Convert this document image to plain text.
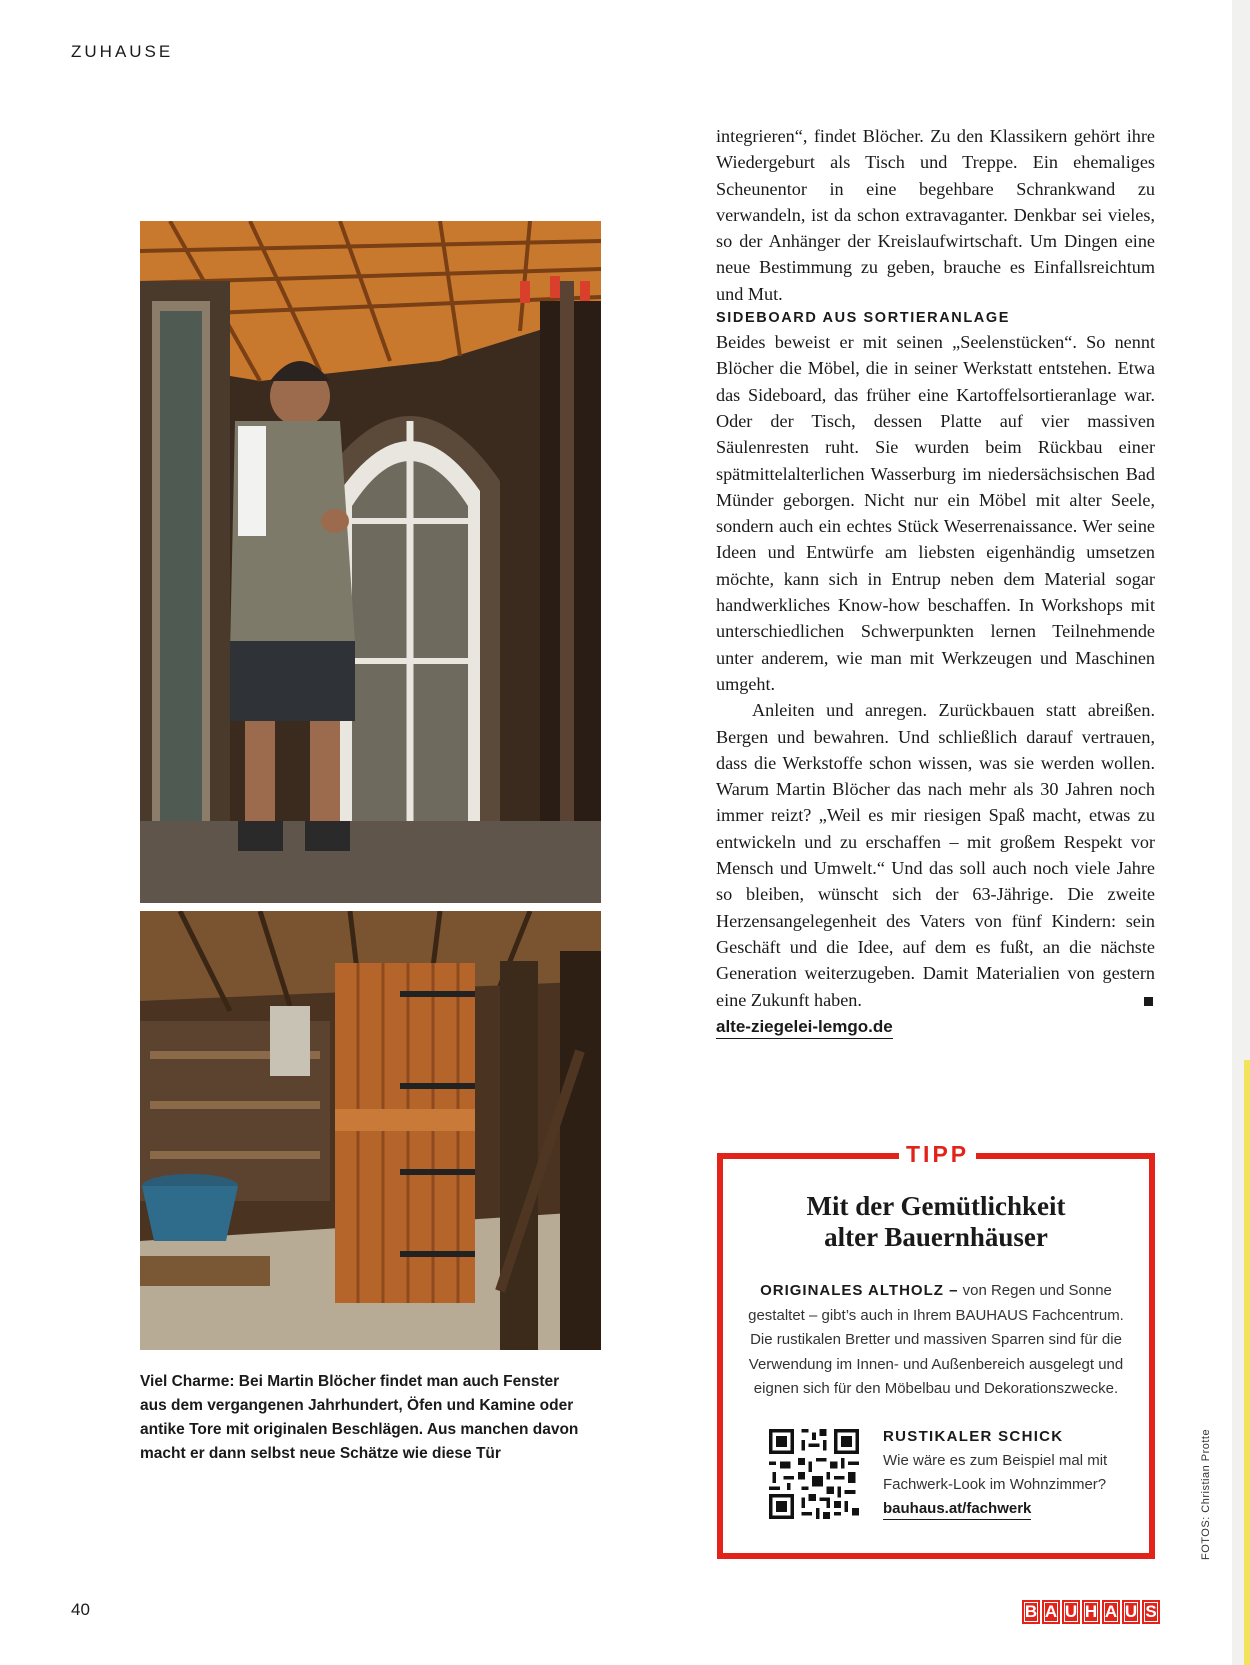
ZUHAUSE
Viel Charme: Bei Martin Blöcher findet man auch Fenster aus dem vergangenen Jahrhundert, Öfen und Kamine oder antike Tore mit originalen Beschlägen. Aus manchen davon macht er dann selbst neue Schätze wie diese Tür

integrieren“, findet Blöcher. Zu den Klassikern gehört ihre Wiedergeburt als Tisch und Treppe. Ein ehemaliges Scheunentor in eine begehbare Schrankwand zu verwandeln, ist da schon extravaganter. Denkbar sei vieles, so der Anhänger der Kreislaufwirtschaft. Um Dingen eine neue Bestimmung zu geben, brauche es Einfallsreichtum und Mut.

SIDEBOARD AUS SORTIERANLAGE

Beides beweist er mit seinen „Seelenstücken“. So nennt Blöcher die Möbel, die in seiner Werkstatt entstehen. Etwa das Sideboard, das früher eine Kartoffelsortieranlage war. Oder der Tisch, dessen Platte auf vier massiven Säulenresten ruht. Sie wurden beim Rückbau einer spätmittelalterlichen Wasserburg im niedersächsischen Bad Münder geborgen. Nicht nur ein Möbel mit alter Seele, sondern auch ein echtes Stück Weserrenaissance. Wer seine Ideen und Entwürfe am liebsten eigenhändig umsetzen möchte, kann sich in Entrup neben dem Material sogar handwerkliches Know-how beschaffen. In Workshops mit unterschiedlichen Schwerpunkten lernen Teilnehmende unter anderem, wie man mit Werkzeugen und Maschinen umgeht.

Anleiten und anregen. Zurückbauen statt abreißen. Bergen und bewahren. Und schließlich darauf vertrauen, dass die Werkstoffe schon wissen, was sie werden wollen. Warum Martin Blöcher das nach mehr als 30 Jahren noch immer reizt? „Weil es mir riesigen Spaß macht, etwas zu entwickeln und zu erschaffen – mit großem Respekt vor Mensch und Umwelt.“ Und das soll auch noch viele Jahre so bleiben, wünscht sich der 63-Jährige. Die zweite Herzensangelegenheit des Vaters von fünf Kindern: sein Geschäft und die Idee, auf dem es fußt, an die nächste Generation weiterzugeben. Damit Materialien von gestern eine Zukunft haben.

alte-ziegelei-lemgo.de
TIPP
Mit der Gemütlichkeit
alter Bauernhäuser
ORIGINALES ALTHOLZ – von Regen und Sonne gestaltet – gibt’s auch in Ihrem BAUHAUS Fachcentrum. Die rustikalen Bretter und massiven Sparren sind für die Verwendung im Innen- und Außenbereich ausgelegt und eignen sich für den Möbelbau und Dekorationszwecke.
RUSTIKALER SCHICK
Wie wäre es zum Beispiel mal mit Fachwerk-Look im Wohnzimmer?
bauhaus.at/fachwerk	FOTOS: Christian Protte
40	B A U H A U S
